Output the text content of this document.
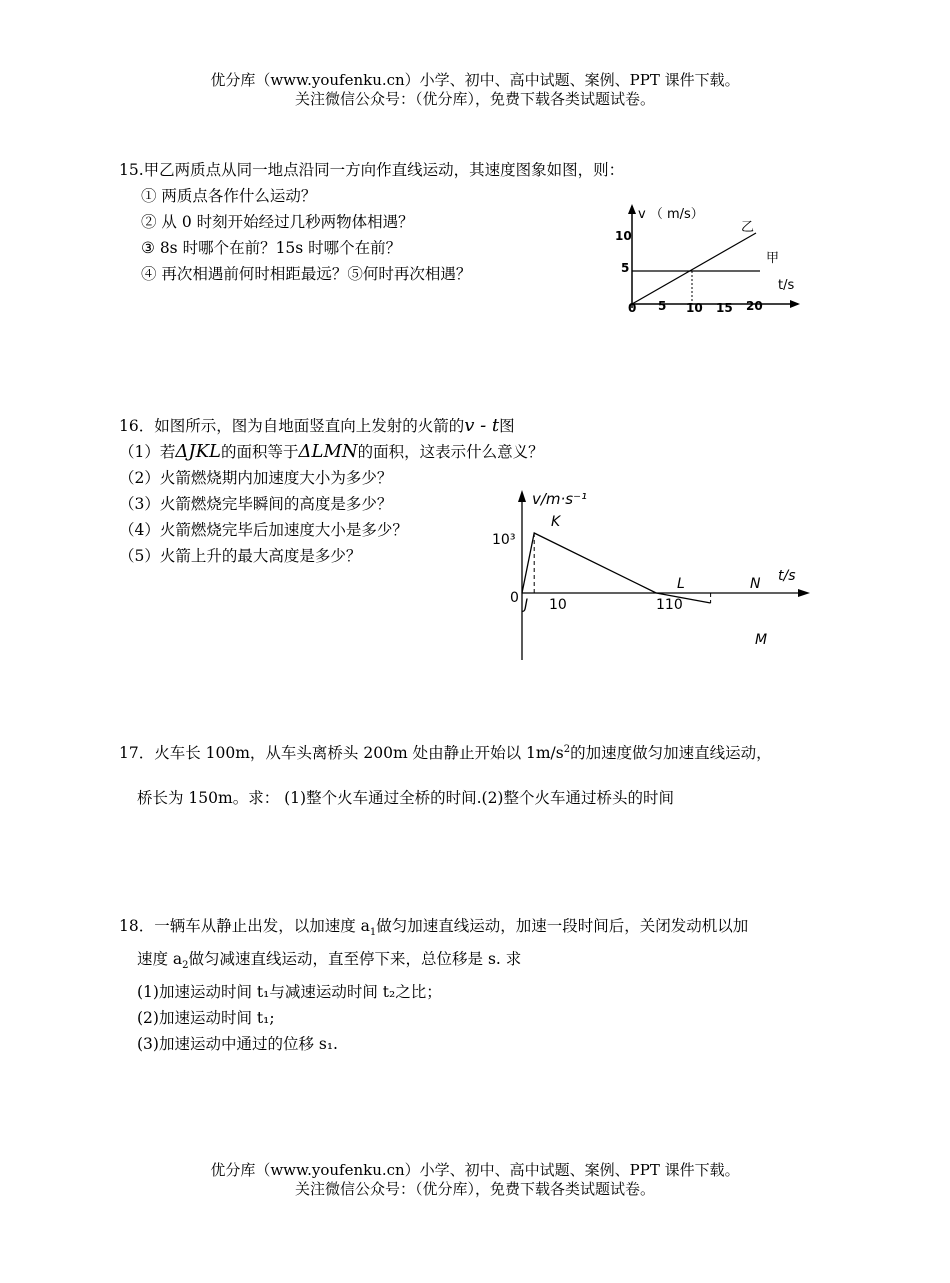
优分库（www.youfenku.cn）小学、初中、高中试题、案例、PPT 课件下载。
关注微信公众号：（优分库），免费下载各类试题试卷。
15.甲乙两质点从同一地点沿同一方向作直线运动，其速度图象如图，则：
① 两质点各作什么运动？
② 从 0 时刻开始经过几秒两物体相遇？
③ 8s 时哪个在前？15s 时哪个在前？
④ 再次相遇前何时相距最远？⑤何时再次相遇？
v （ m/s）
10
5
t/s
乙
甲
0 5 10 15 20
16．如图所示，图为自地面竖直向上发射的火箭的v - t图
（1）若ΔJKL的面积等于ΔLMN的面积，这表示什么意义？
（2）火箭燃烧期内加速度大小为多少？
（3）火箭燃烧完毕瞬间的高度是多少？
（4）火箭燃烧完毕后加速度大小是多少？
（5）火箭上升的最大高度是多少？
v/m·s⁻¹
10³
0
t/s
J
K
L	N
M
10	110
17．火车长 100m，从车头离桥头 200m 处由静止开始以 $1m/s^2$的加速度做匀加速直线运动，
桥长为 150m。求： (1)整个火车通过全桥的时间.(2)整个火车通过桥头的时间
18．一辆车从静止出发，以加速度 $a_1$做匀加速直线运动，加速一段时间后，关闭发动机以加
速度 $a_2$做匀减速直线运动，直至停下来，总位移是 s. 求
(1)加速运动时间 t₁与减速运动时间 t₂之比；
(2)加速运动时间 t₁;
(3)加速运动中通过的位移 s₁.
优分库（www.youfenku.cn）小学、初中、高中试题、案例、PPT 课件下载。
关注微信公众号：（优分库），免费下载各类试题试卷。
